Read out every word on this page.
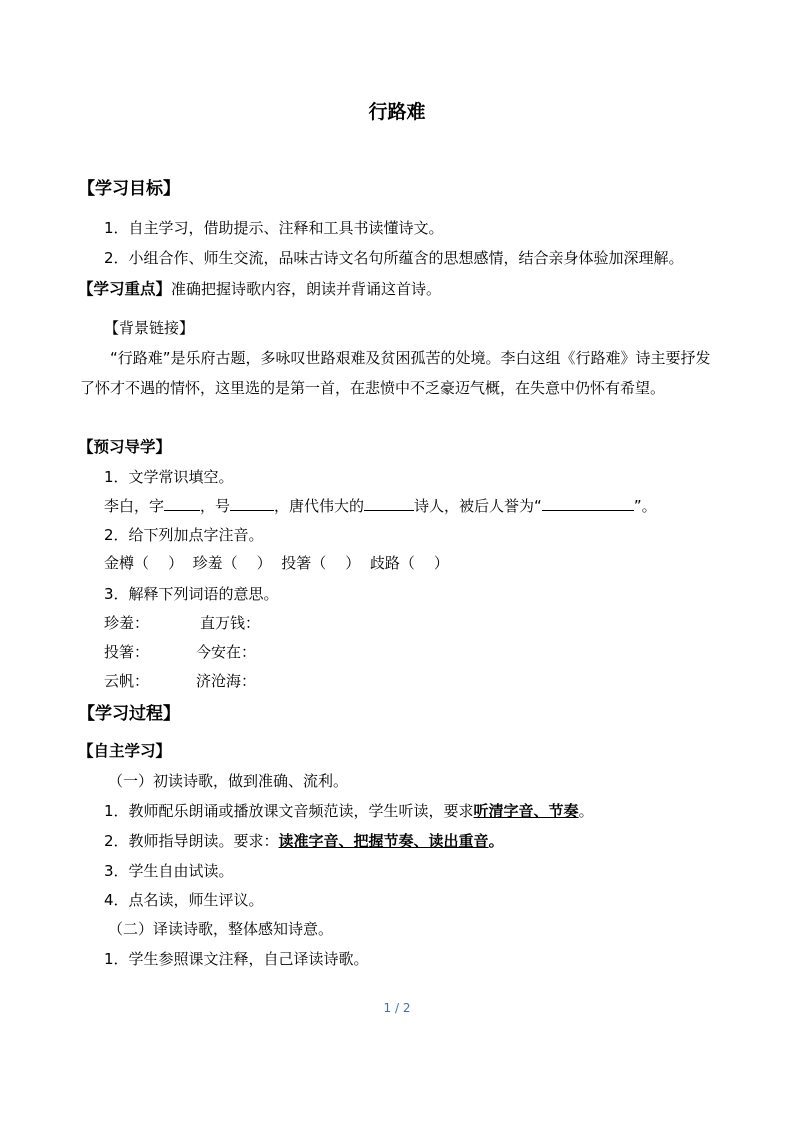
行路难
【学习目标】
1．自主学习，借助提示、注释和工具书读懂诗文。
2．小组合作、师生交流，品味古诗文名句所蕴含的思想感情，结合亲身体验加深理解。
【学习重点】准确把握诗歌内容，朗读并背诵这首诗。
【背景链接】
“行路难”是乐府古题，多咏叹世路艰难及贫困孤苦的处境。李白这组《行路难》诗主要抒发了怀才不遇的情怀，这里选的是第一首，在悲愤中不乏豪迈气概，在失意中仍怀有希望。
【预习导学】
1．文学常识填空。
李白，字 ，号	，唐代伟大的	诗人，被后人誉为“	”。
2．给下列加点字注音。
金樽（    ）  珍羞（    ）  投箸（    ）  歧路（    ）
3．解释下列词语的意思。
珍羞：	直万钱：
投箸：	今安在：
云帆：	济沧海：
【学习过程】
【自主学习】
（一）初读诗歌，做到准确、流利。
1．教师配乐朗诵或播放课文音频范读，学生听读，要求听清字音、节奏。
2．教师指导朗读。要求：读准字音、把握节奏、读出重音。
3．学生自由试读。
4．点名读，师生评议。
（二）译读诗歌，整体感知诗意。
1．学生参照课文注释，自己译读诗歌。
1 / 2
